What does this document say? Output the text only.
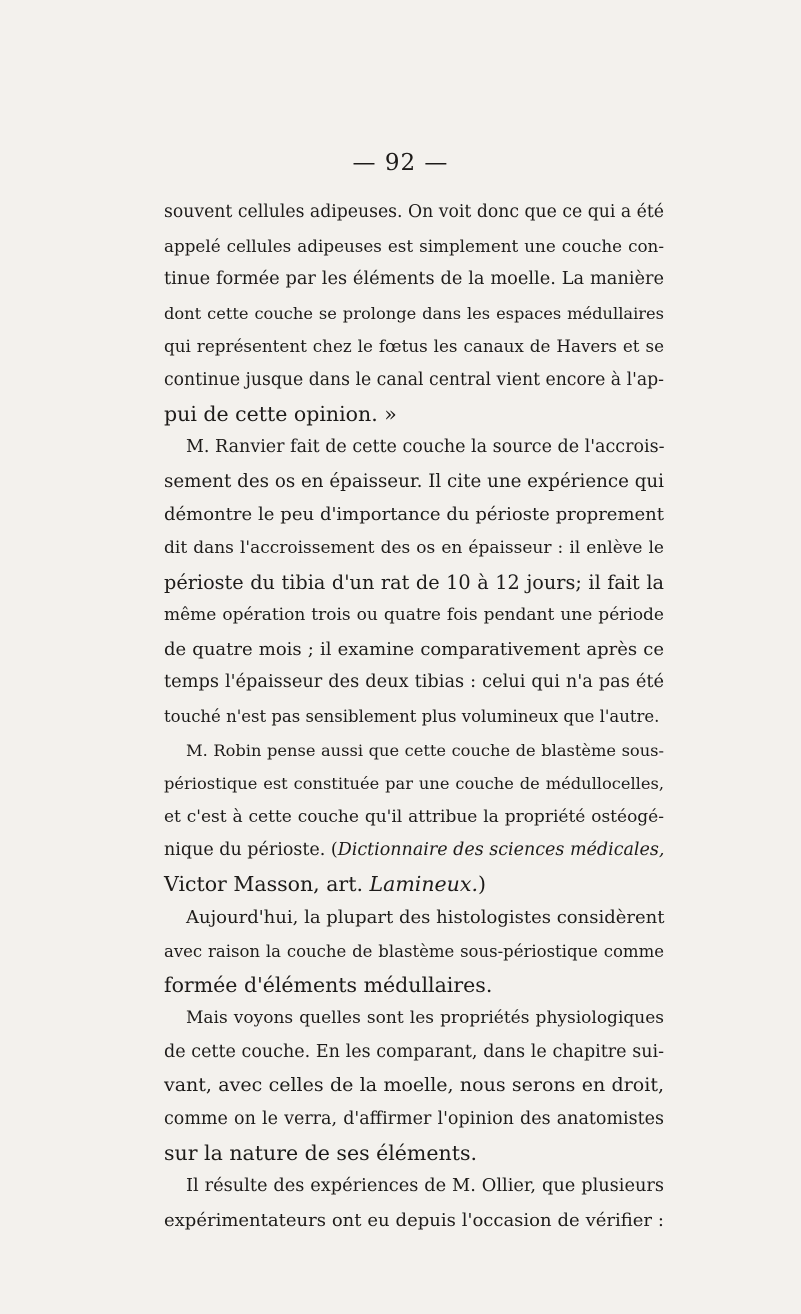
— 92 —
souvent cellules adipeuses. On voit donc que ce qui a été
appelé cellules adipeuses est simplement une couche con-
tinue formée par les éléments de la moelle. La manière
dont cette couche se prolonge dans les espaces médullaires
qui représentent chez le fœtus les canaux de Havers et se
continue jusque dans le canal central vient encore à l'ap-
pui de cette opinion. »
M. Ranvier fait de cette couche la source de l'accrois-
sement des os en épaisseur. Il cite une expérience qui
démontre le peu d'importance du périoste proprement
dit dans l'accroissement des os en épaisseur : il enlève le
périoste du tibia d'un rat de 10 à 12 jours; il fait la
même opération trois ou quatre fois pendant une période
de quatre mois ; il examine comparativement après ce
temps l'épaisseur des deux tibias : celui qui n'a pas été
touché n'est pas sensiblement plus volumineux que l'autre.
M. Robin pense aussi que cette couche de blastème sous-
périostique est constituée par une couche de médullocelles,
et c'est à cette couche qu'il attribue la propriété ostéogé-
nique du périoste. (Dictionnaire des sciences médicales,
Victor Masson, art. Lamineux.)
Aujourd'hui, la plupart des histologistes considèrent
avec raison la couche de blastème sous-périostique comme
formée d'éléments médullaires.
Mais voyons quelles sont les propriétés physiologiques
de cette couche. En les comparant, dans le chapitre sui-
vant, avec celles de la moelle, nous serons en droit,
comme on le verra, d'affirmer l'opinion des anatomistes
sur la nature de ses éléments.
Il résulte des expériences de M. Ollier, que plusieurs
expérimentateurs ont eu depuis l'occasion de vérifier :
